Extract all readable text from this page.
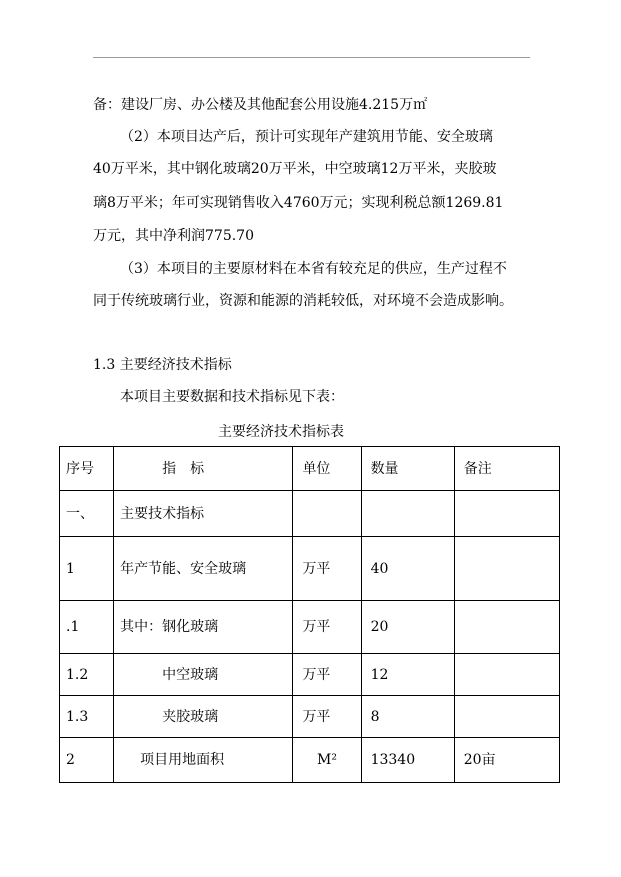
备：建设厂房、办公楼及其他配套公用设施4.215万㎡
（2）本项目达产后，预计可实现年产建筑用节能、安全玻璃
40万平米，其中钢化玻璃20万平米，中空玻璃12万平米，夹胶玻
璃8万平米；年可实现销售收入4760万元；实现利税总额1269.81
万元，其中净利润775.70
（3）本项目的主要原材料在本省有较充足的供应，生产过程不
同于传统玻璃行业，资源和能源的消耗较低，对环境不会造成影响。
1.3 主要经济技术指标
本项目主要数据和技术指标见下表：
主要经济技术指标表
序号	指　标	单位	数量	备注
一、	主要技术指标			
1	年产节能、安全玻璃	万平	40	
.1	其中：钢化玻璃	万平	20	
1.2	中空玻璃	万平	12	
1.3	夹胶玻璃	万平	8	
2	项目用地面积	M²	13340	20亩
